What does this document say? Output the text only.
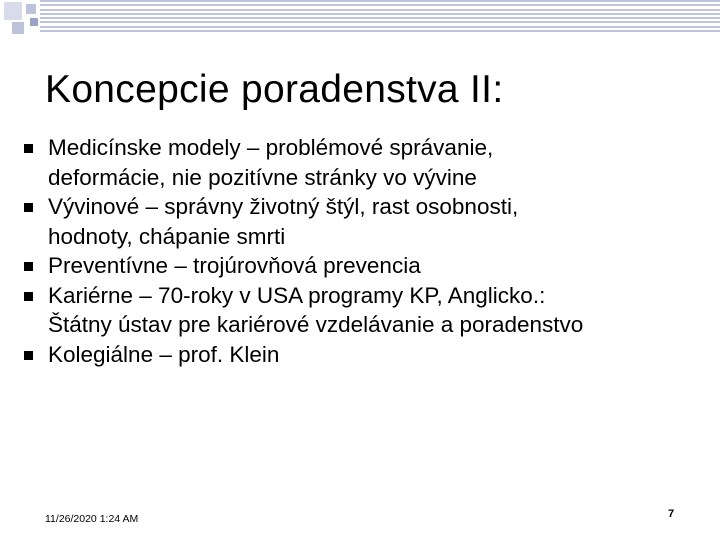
Koncepcie poradenstva II:
Medicínske modely – problémové správanie,
deformácie, nie pozitívne stránky vo vývine
Vývinové – správny životný štýl, rast osobnosti,
hodnoty, chápanie smrti
Preventívne – trojúrovňová prevencia
Kariérne – 70-roky v USA programy KP, Anglicko.:
Štátny ústav pre kariérové vzdelávanie a poradenstvo
Kolegiálne – prof. Klein
11/26/2020 1:24 AM	7
